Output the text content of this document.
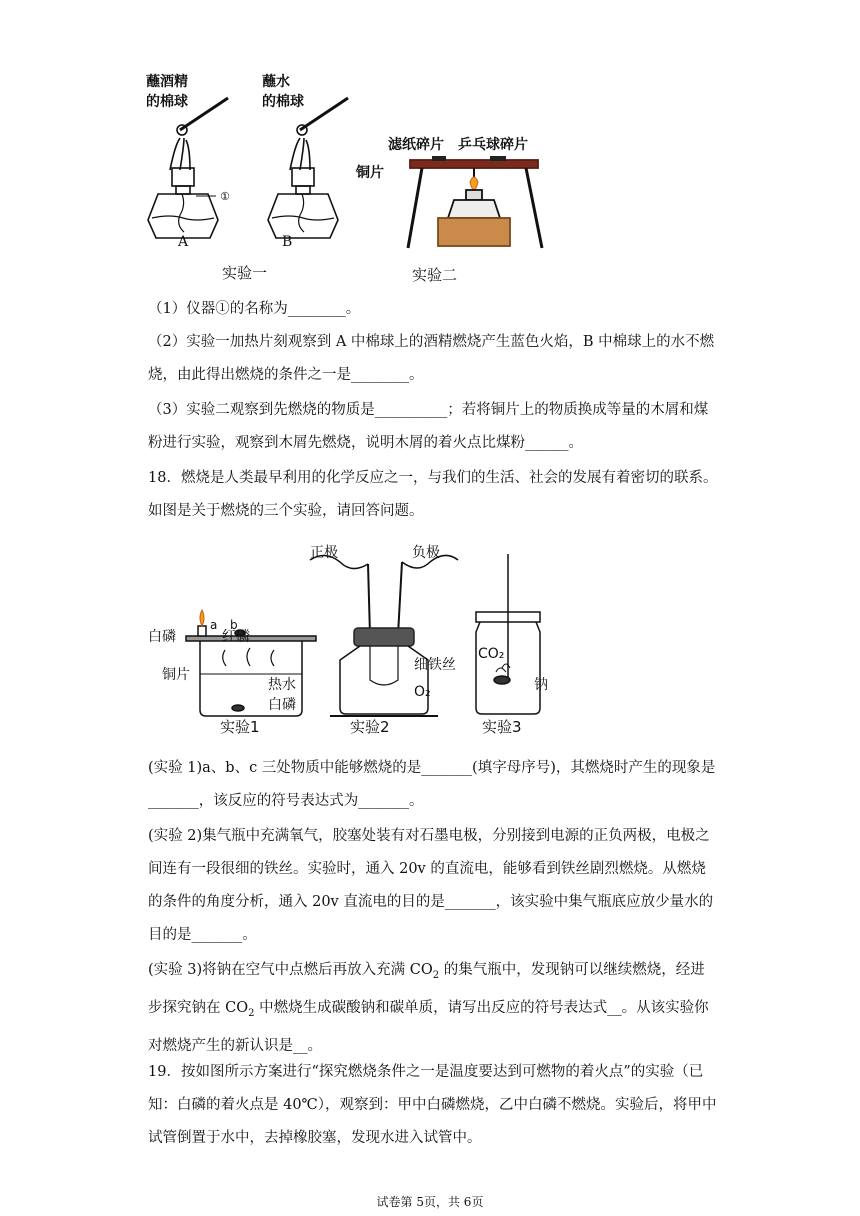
蘸酒精
的棉球
蘸水
的棉球
①
滤纸碎片 乒乓球碎片
铜片
A	B
实验一	实验二

（1）仪器①的名称为________。

（2）实验一加热片刻观察到 A 中棉球上的酒精燃烧产生蓝色火焰，B 中棉球上的水不燃烧，由此得出燃烧的条件之一是________。

（3）实验二观察到先燃烧的物质是__________；若将铜片上的物质换成等量的木屑和煤粉进行实验，观察到木屑先燃烧，说明木屑的着火点比煤粉______。

18．燃烧是人类最早利用的化学反应之一，与我们的生活、社会的发展有着密切的联系。如图是关于燃烧的三个实验，请回答问题。

正极	负极
红磷
白磷
a b
铜片
热水
白磷
细铁丝
O₂
CO₂
钠
实验1	实验2	实验3

(实验 1)a、b、c 三处物质中能够燃烧的是_______(填字母序号)，其燃烧时产生的现象是_______，该反应的符号表达式为_______。

(实验 2)集气瓶中充满氧气，胶塞处装有对石墨电极，分别接到电源的正负两极，电极之间连有一段很细的铁丝。实验时，通入 20v 的直流电，能够看到铁丝剧烈燃烧。从燃烧的条件的角度分析，通入 20v 直流电的目的是_______，该实验中集气瓶底应放少量水的目的是_______。

(实验 3)将钠在空气中点燃后再放入充满 $CO_2$ 的集气瓶中，发现钠可以继续燃烧，经进步探究钠在 $CO_2$ 中燃烧生成碳酸钠和碳单质，请写出反应的符号表达式__。从该实验你对燃烧产生的新认识是__。

19．按如图所示方案进行“探究燃烧条件之一是温度要达到可燃物的着火点”的实验（已知：白磷的着火点是 40℃），观察到：甲中白磷燃烧，乙中白磷不燃烧。实验后，将甲中试管倒置于水中，去掉橡胶塞，发现水进入试管中。

试卷第 5页，共 6页
